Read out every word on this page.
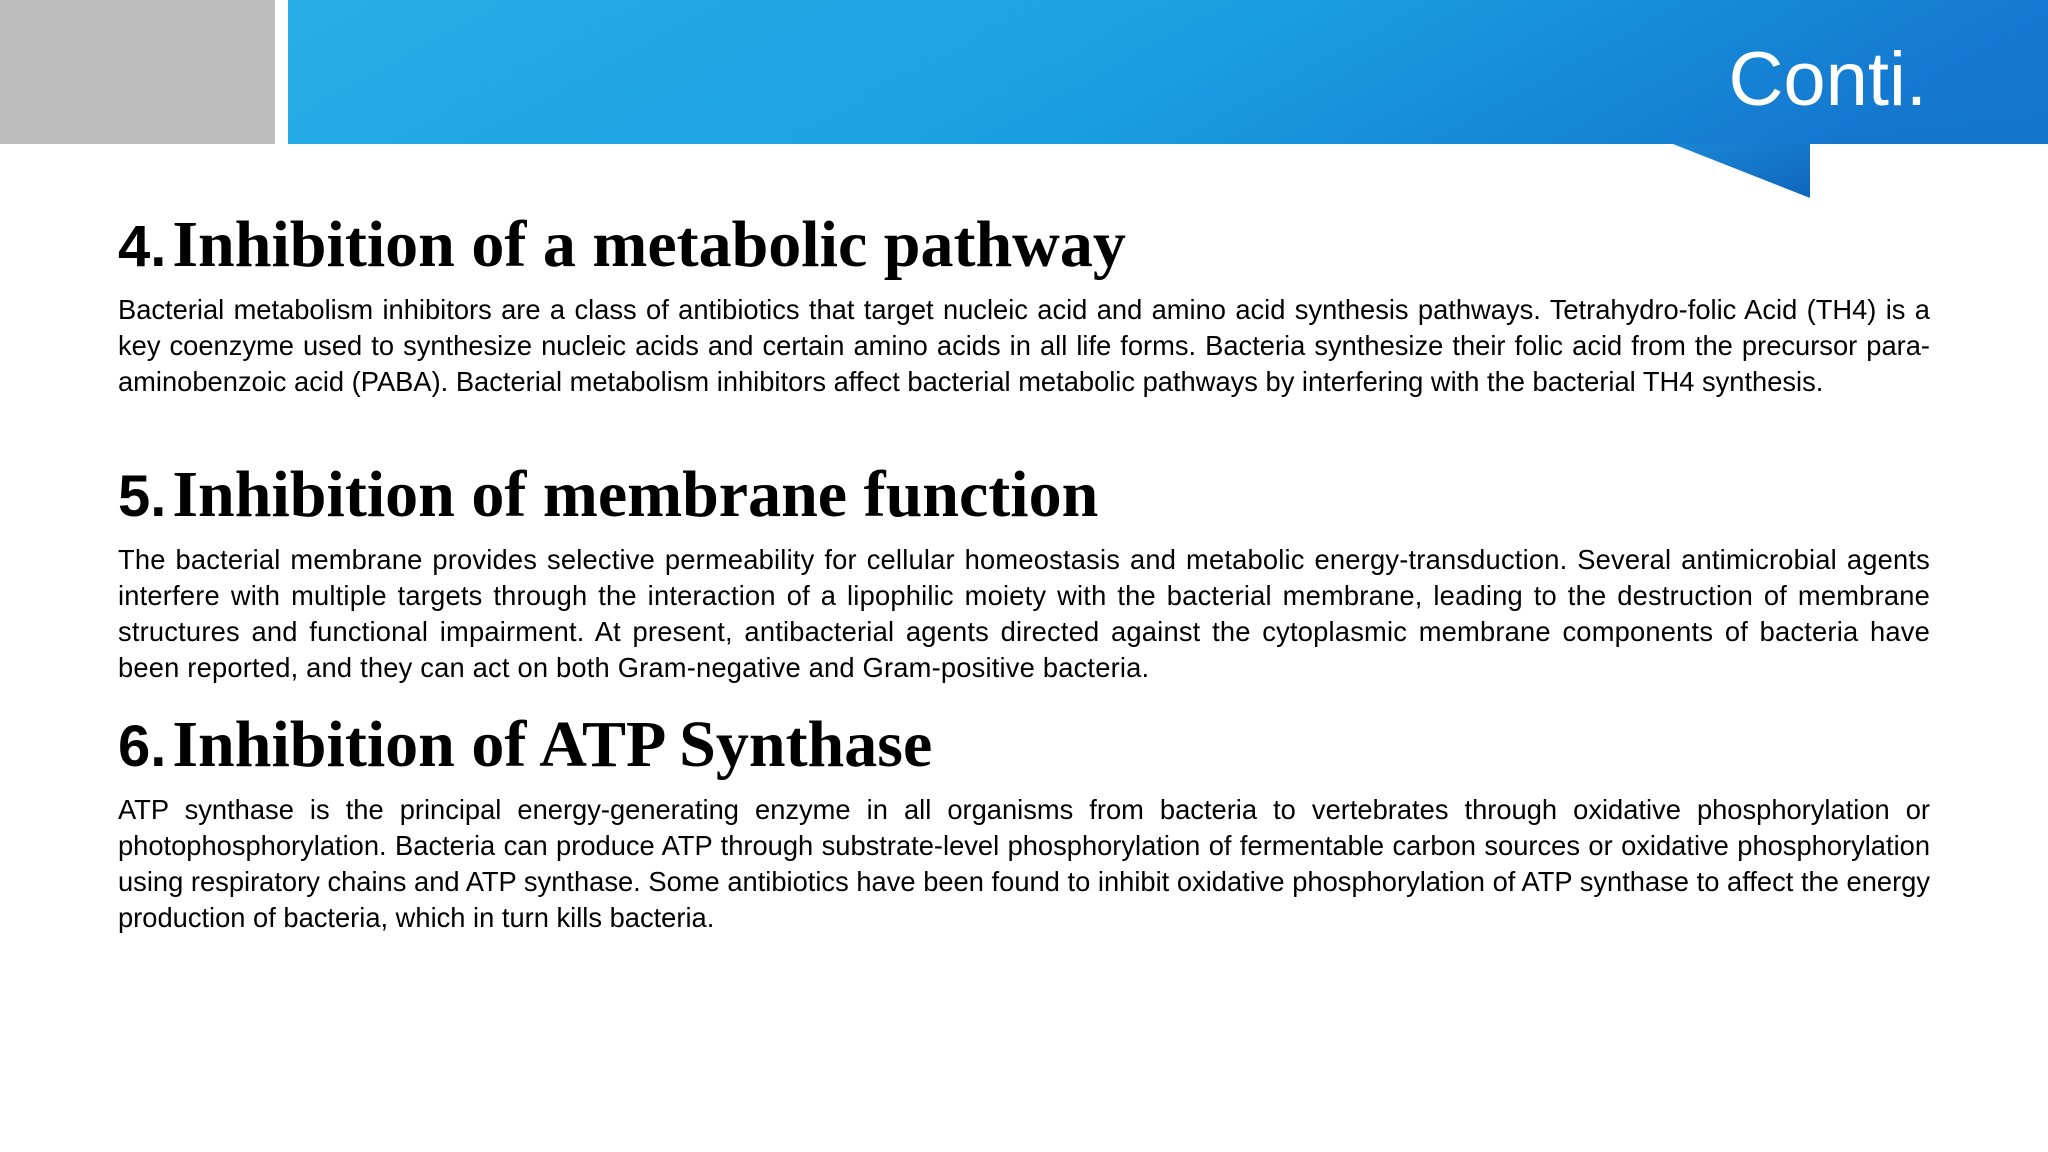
Conti.
4. Inhibition of a metabolic pathway

Bacterial metabolism inhibitors are a class of antibiotics that target nucleic acid and amino acid synthesis pathways. Tetrahydro-folic Acid (TH4) is a key coenzyme used to synthesize nucleic acids and certain amino acids in all life forms. Bacteria synthesize their folic acid from the precursor para-aminobenzoic acid (PABA). Bacterial metabolism inhibitors affect bacterial metabolic pathways by interfering with the bacterial TH4 synthesis.

5. Inhibition of membrane function

The bacterial membrane provides selective permeability for cellular homeostasis and metabolic energy-transduction. Several antimicrobial agents interfere with multiple targets through the interaction of a lipophilic moiety with the bacterial membrane, leading to the destruction of membrane structures and functional impairment. At present, antibacterial agents directed against the cytoplasmic membrane components of bacteria have been reported, and they can act on both Gram-negative and Gram-positive bacteria.

6. Inhibition of ATP Synthase

ATP synthase is the principal energy-generating enzyme in all organisms from bacteria to vertebrates through oxidative phosphorylation or photophosphorylation. Bacteria can produce ATP through substrate-level phosphorylation of fermentable carbon sources or oxidative phosphorylation using respiratory chains and ATP synthase. Some antibiotics have been found to inhibit oxidative phosphorylation of ATP synthase to affect the energy production of bacteria, which in turn kills bacteria.
